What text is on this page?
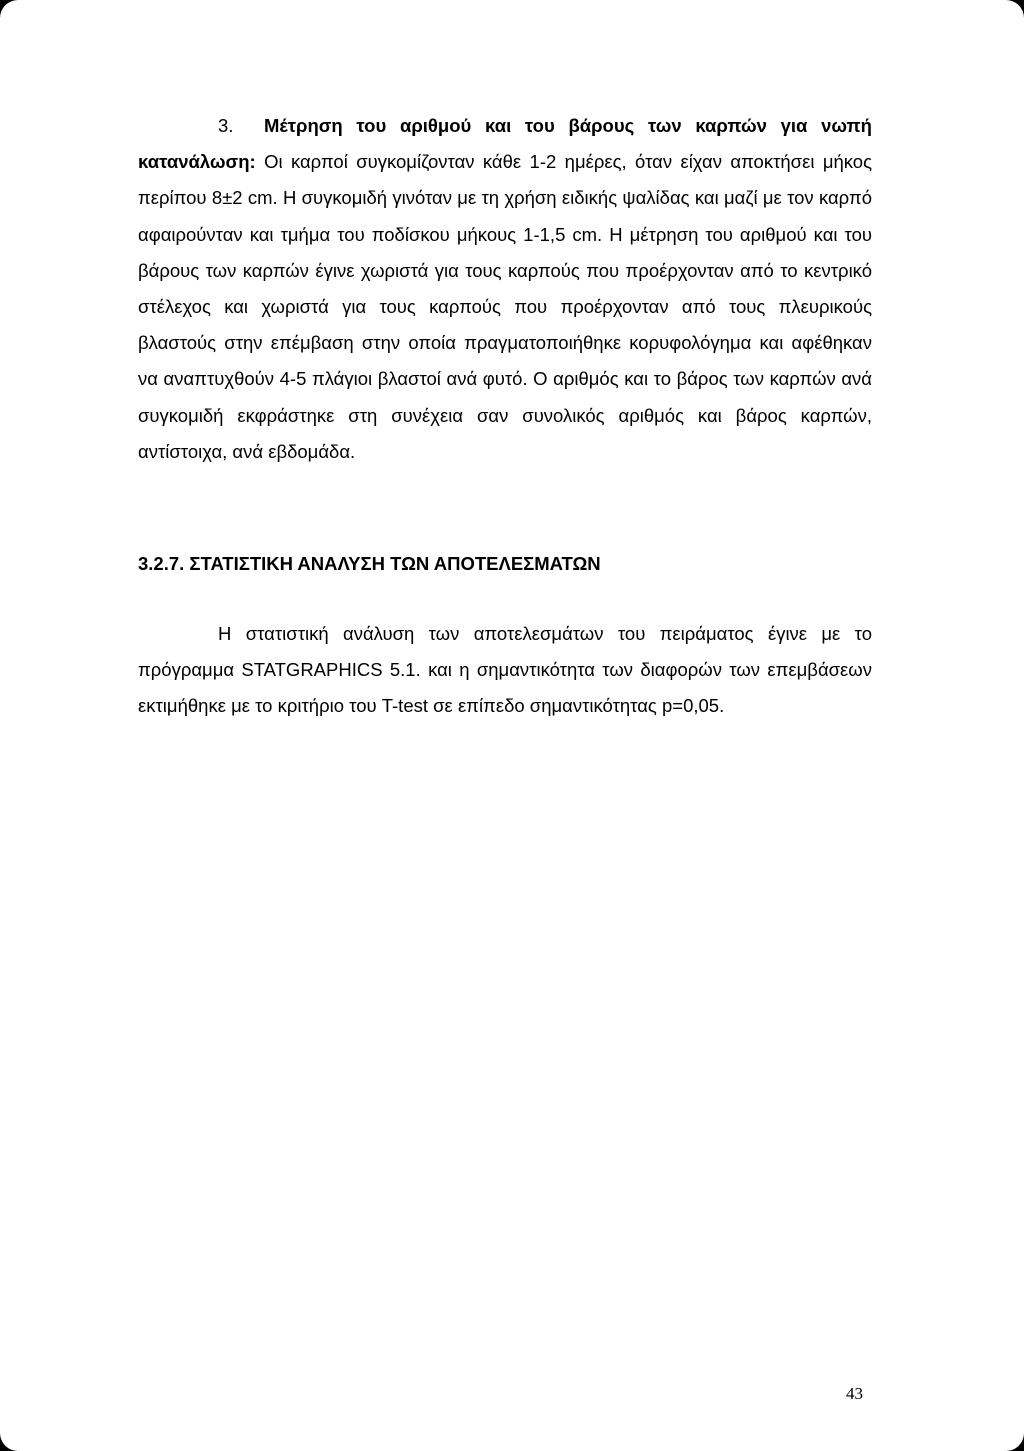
3. Μέτρηση του αριθμού και του βάρους των καρπών για νωπή κατανάλωση: Οι καρποί συγκομίζονταν κάθε 1-2 ημέρες, όταν είχαν αποκτήσει μήκος περίπου 8±2 cm. Η συγκομιδή γινόταν με τη χρήση ειδικής ψαλίδας και μαζί με τον καρπό αφαιρούνταν και τμήμα του ποδίσκου μήκους 1-1,5 cm. Η μέτρηση του αριθμού και του βάρους των καρπών έγινε χωριστά για τους καρπούς που προέρχονταν από το κεντρικό στέλεχος και χωριστά για τους καρπούς που προέρχονταν από τους πλευρικούς βλαστούς στην επέμβαση στην οποία πραγματοποιήθηκε κορυφολόγημα και αφέθηκαν να αναπτυχθούν 4-5 πλάγιοι βλαστοί ανά φυτό. Ο αριθμός και το βάρος των καρπών ανά συγκομιδή εκφράστηκε στη συνέχεια σαν συνολικός αριθμός και βάρος καρπών, αντίστοιχα, ανά εβδομάδα.

3.2.7. ΣΤΑΤΙΣΤΙΚΗ ΑΝΑΛΥΣΗ ΤΩΝ ΑΠΟΤΕΛΕΣΜΑΤΩΝ

Η στατιστική ανάλυση των αποτελεσμάτων του πειράματος έγινε με το πρόγραμμα STATGRAPHICS 5.1. και η σημαντικότητα των διαφορών των επεμβάσεων εκτιμήθηκε με το κριτήριο του T-test σε επίπεδο σημαντικότητας p=0,05.

43
